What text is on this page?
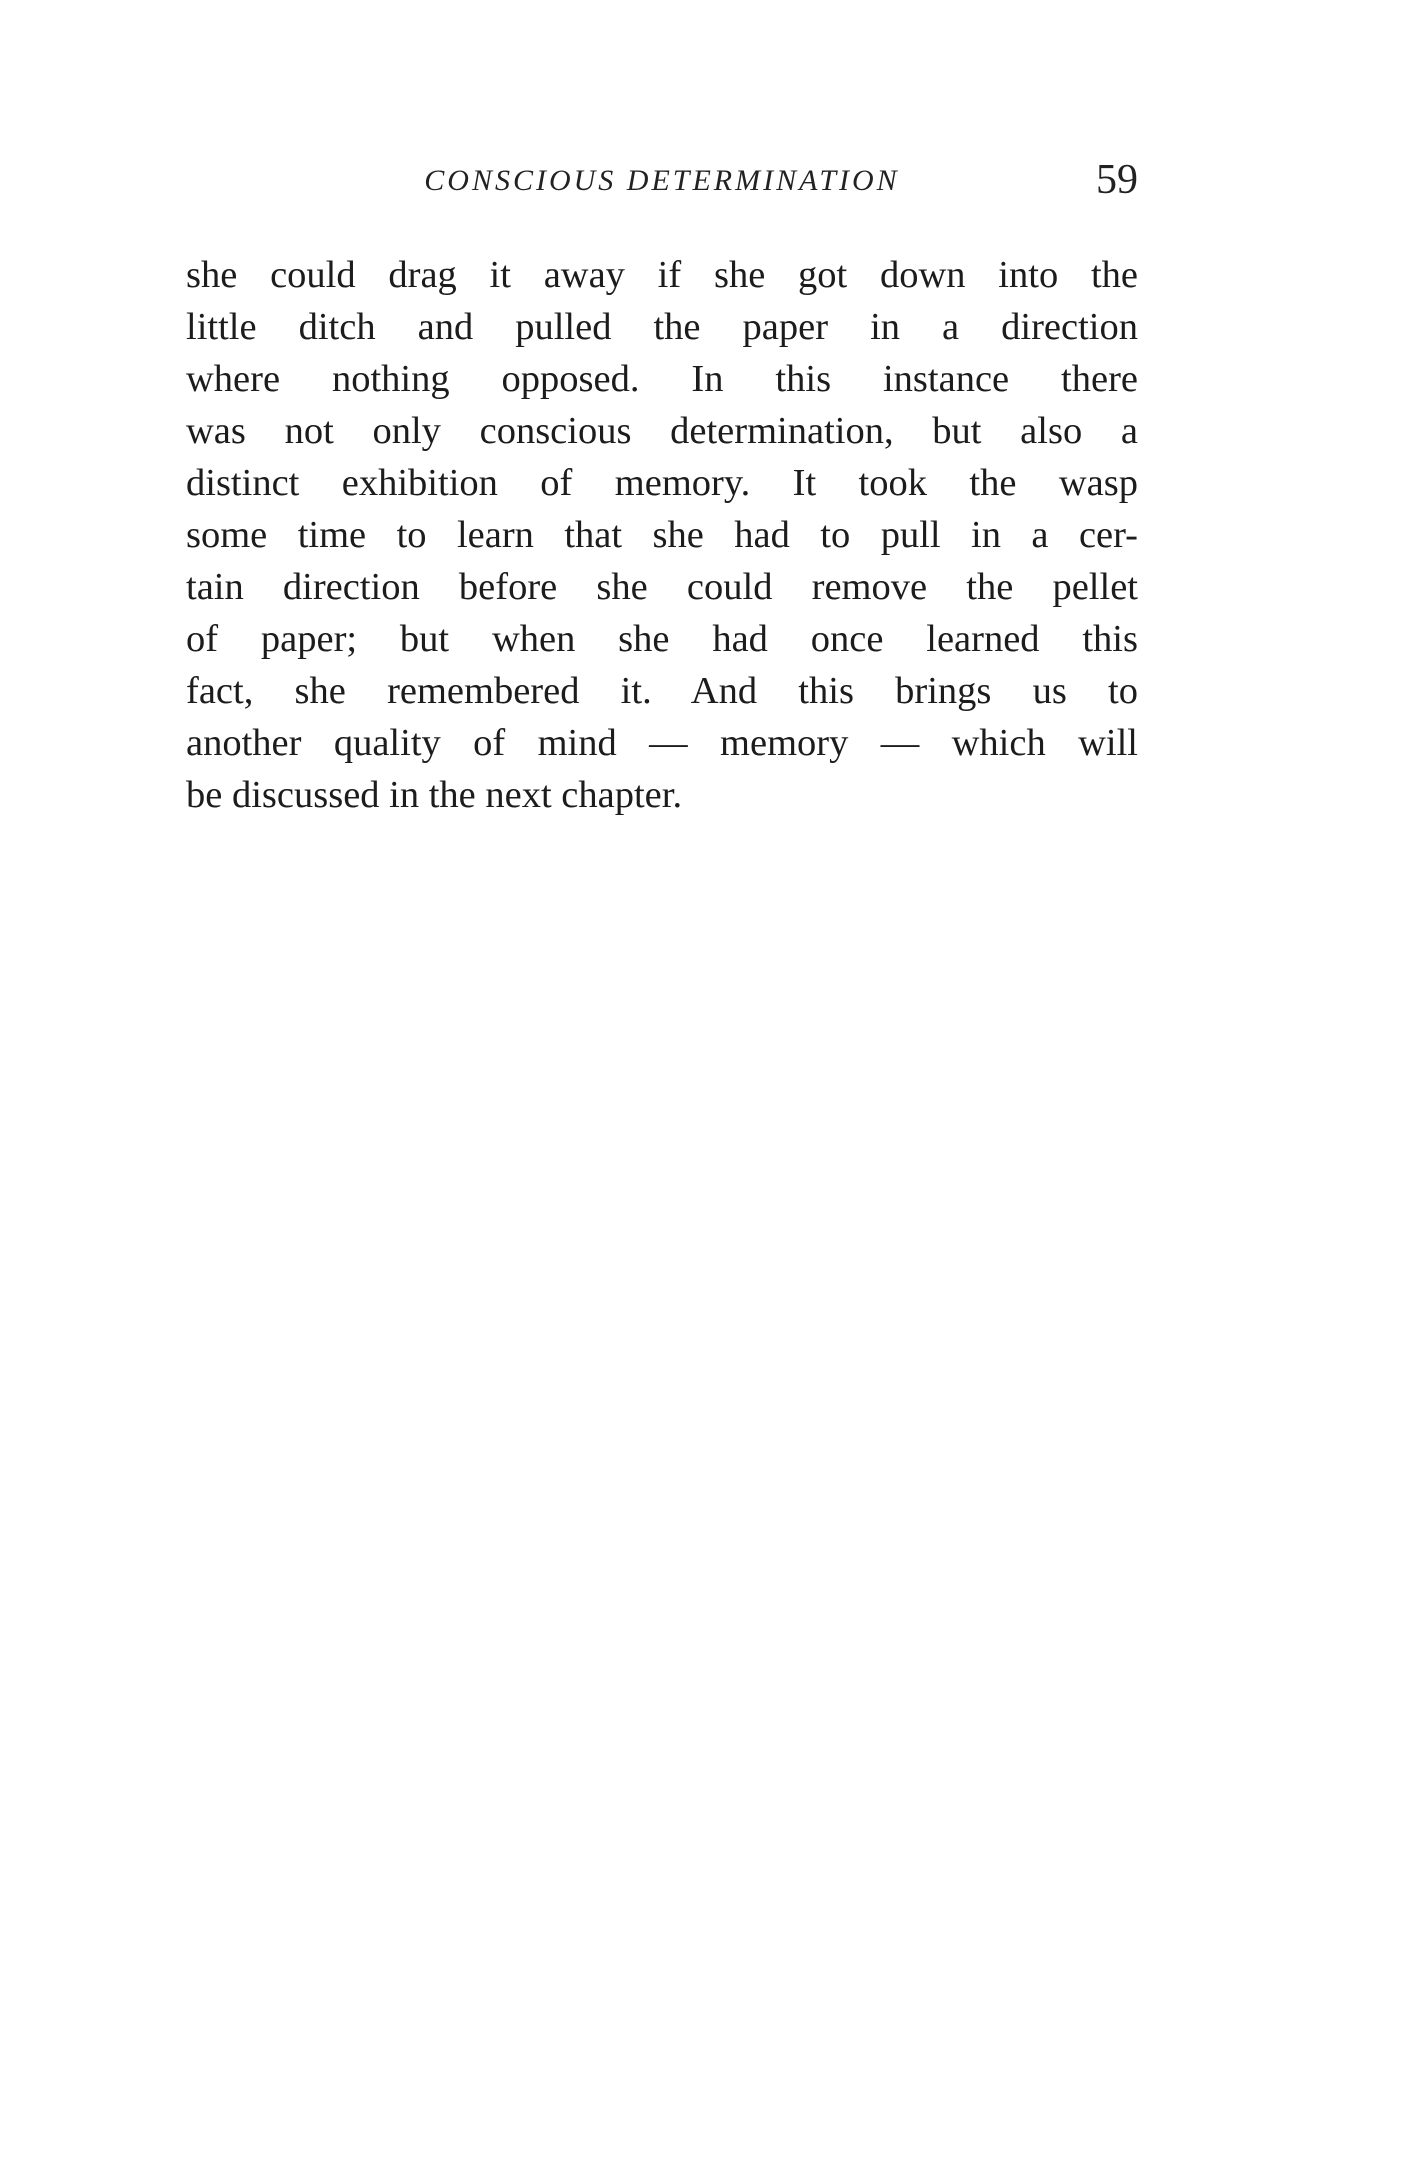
CONSCIOUS DETERMINATION	59
she could drag it away if she got down into the
little ditch and pulled the paper in a direction
where nothing opposed. In this instance there
was not only conscious determination, but also a
distinct exhibition of memory. It took the wasp
some time to learn that she had to pull in a cer-
tain direction before she could remove the pellet
of paper; but when she had once learned this
fact, she remembered it. And this brings us to
another quality of mind — memory — which will
be discussed in the next chapter.
